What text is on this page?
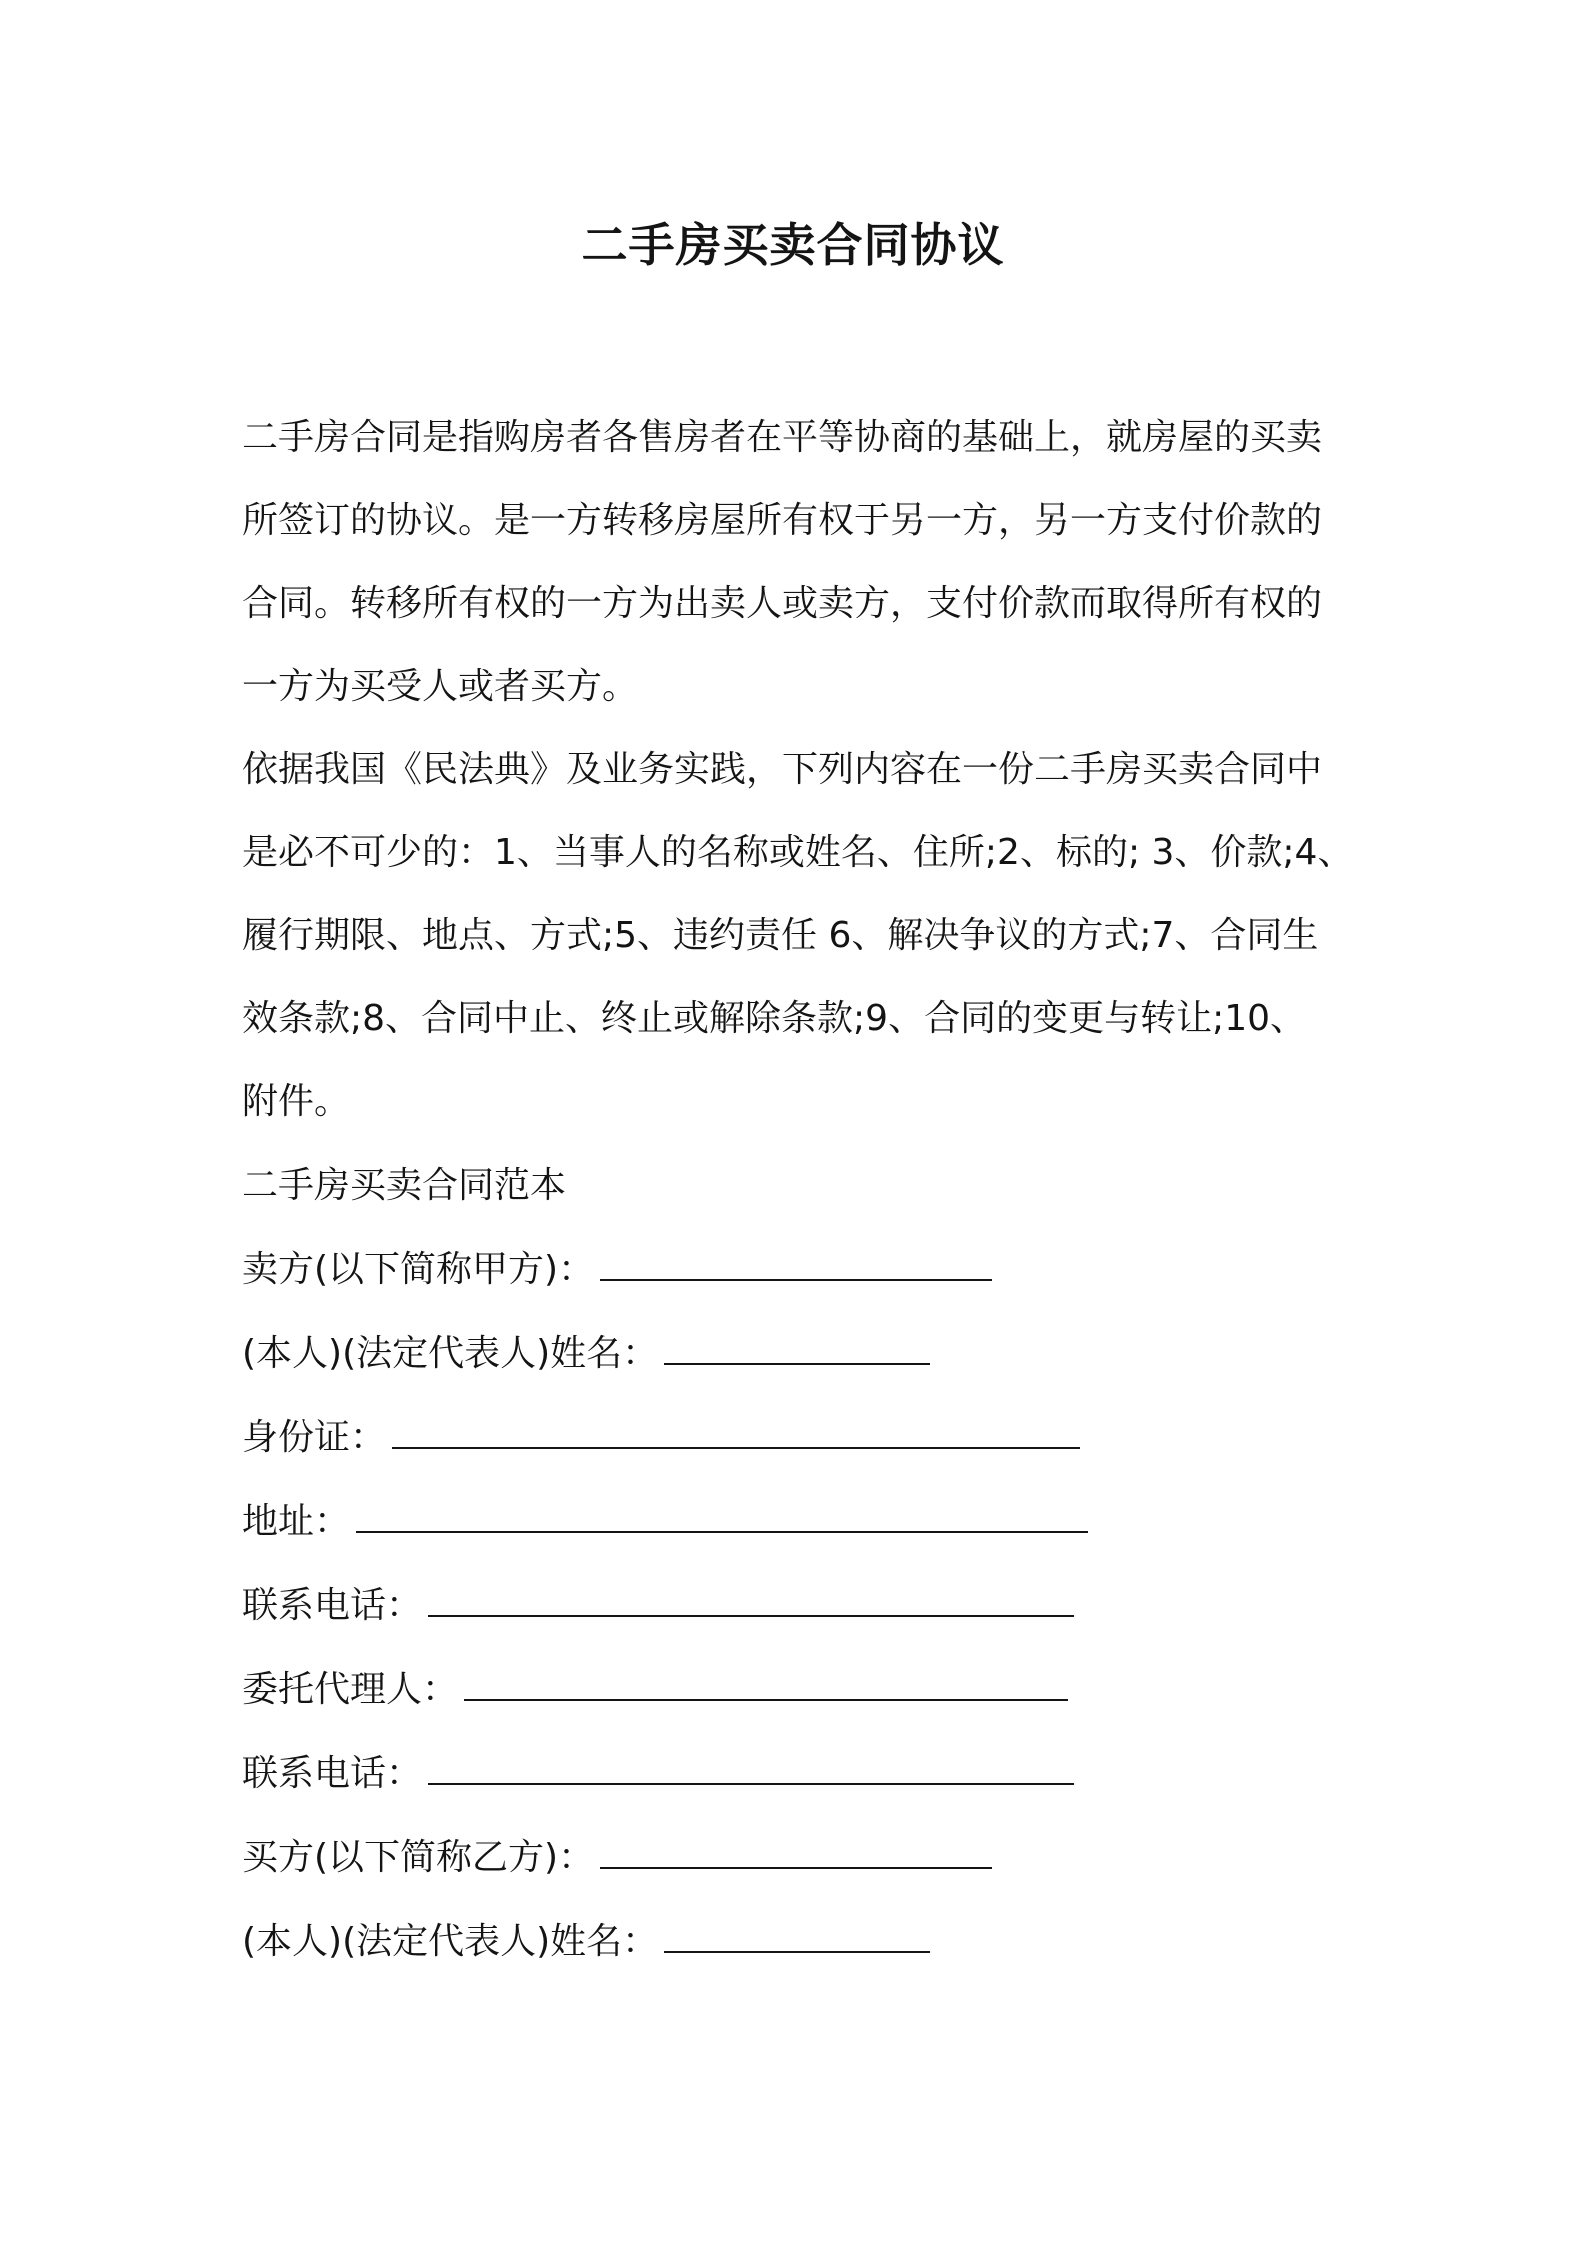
二手房买卖合同协议
二手房合同是指购房者各售房者在平等协商的基础上，就房屋的买卖
所签订的协议。是一方转移房屋所有权于另一方，另一方支付价款的
合同。转移所有权的一方为出卖人或卖方，支付价款而取得所有权的
一方为买受人或者买方。
依据我国《民法典》及业务实践，下列内容在一份二手房买卖合同中
是必不可少的：1、当事人的名称或姓名、住所;2、标的; 3、价款;4、
履行期限、地点、方式;5、违约责任 6、解决争议的方式;7、合同生
效条款;8、合同中止、终止或解除条款;9、合同的变更与转让;10、
附件。
二手房买卖合同范本
卖方(以下简称甲方)：
(本人)(法定代表人)姓名：
身份证：
地址：
联系电话：
委托代理人：
联系电话：
买方(以下简称乙方)：
(本人)(法定代表人)姓名：
